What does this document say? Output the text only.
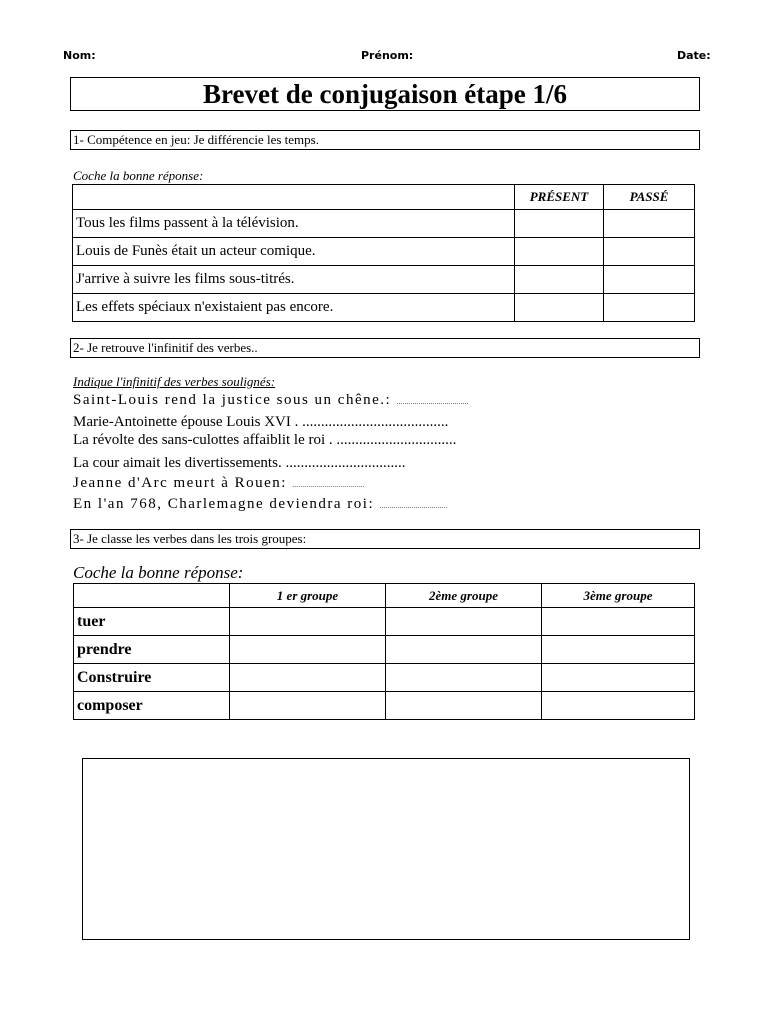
Nom:	Prénom:	Date:
Brevet de conjugaison étape 1/6
1- Compétence en jeu: Je différencie les temps.
Coche la bonne réponse:
	PRÉSENT	PASSÉ
Tous les films passent à la télévision.		
Louis de Funès était un acteur comique.		
J'arrive à suivre les films sous-titrés.		
Les effets spéciaux n'existaient pas encore.		
2- Je retrouve l'infinitif des verbes..
Indique l'infinitif des verbes soulignés:
Saint-Louis rend la justice sous un chêne.: ....................................
Marie-Antoinette épouse Louis XVI . .......................................
La révolte des sans-culottes affaiblit le roi . ................................
La cour aimait les divertissements. ................................
Jeanne d'Arc meurt à Rouen: ....................................
En l'an 768, Charlemagne deviendra roi: ..................................
3- Je classe les verbes dans les trois groupes:
Coche la bonne réponse:
	1 er groupe	2ème groupe	3ème groupe
tuer			
prendre			
Construire			
composer			
